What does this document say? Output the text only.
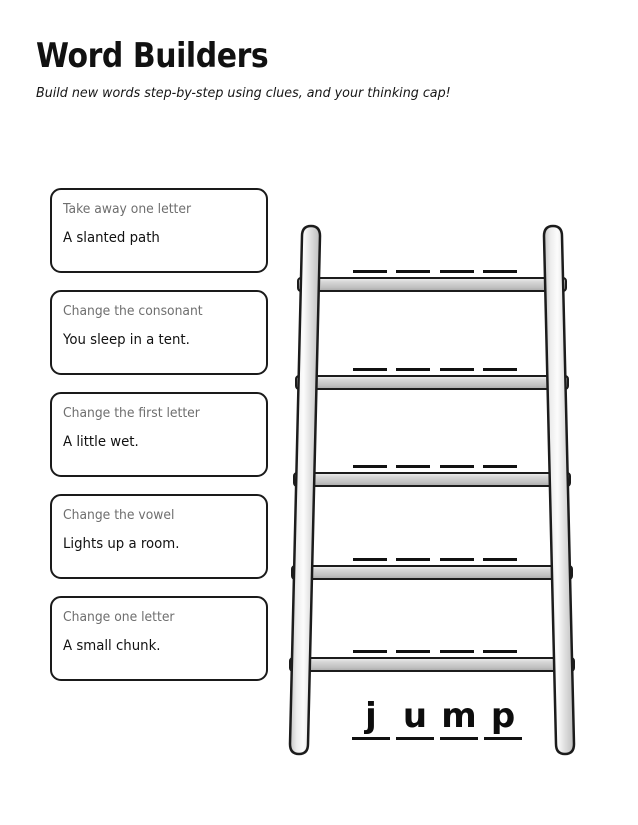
Word Builders
Build new words step-by-step using clues, and your thinking cap!
Take away one letter
A slanted path
Change the consonant
You sleep in a tent.
Change the first letter
A little wet.
Change the vowel
Lights up a room.
Change one letter
A small chunk.
j u m p
